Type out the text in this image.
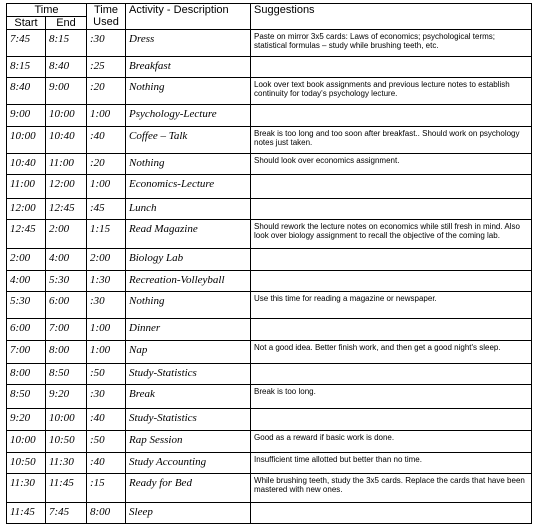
Time		Time Used	Activity - Description	Suggestions
Start	End			
7:45	8:15	:30	Dress	Paste on mirror 3x5 cards: Laws of economics; psychological terms; statistical formulas – study while brushing teeth, etc.
8:15	8:40	:25	Breakfast	
8:40	9:00	:20	Nothing	Look over text book assignments and previous lecture notes to establish continuity for today's psychology lecture.
9:00	10:00	1:00	Psychology-Lecture	
10:00	10:40	:40	Coffee – Talk	Break is too long and too soon after breakfast.. Should work on psychology notes just taken.
10:40	11:00	:20	Nothing	Should look over economics assignment.
11:00	12:00	1:00	Economics-Lecture	
12:00	12:45	:45	Lunch	
12:45	2:00	1:15	Read Magazine	Should rework the lecture notes on economics while still fresh in mind. Also look over biology assignment to recall the objective of the coming lab.
2:00	4:00	2:00	Biology Lab	
4:00	5:30	1:30	Recreation-Volleyball	
5:30	6:00	:30	Nothing	Use this time for reading a magazine or newspaper.
6:00	7:00	1:00	Dinner	
7:00	8:00	1:00	Nap	Not a good idea. Better finish work, and then get a good night's sleep.
8:00	8:50	:50	Study-Statistics	
8:50	9:20	:30	Break	Break is too long.
9:20	10:00	:40	Study-Statistics	
10:00	10:50	:50	Rap Session	Good as a reward if basic work is done.
10:50	11:30	:40	Study Accounting	Insufficient time allotted but better than no time.
11:30	11:45	:15	Ready for Bed	While brushing teeth, study the 3x5 cards. Replace the cards that have been mastered with new ones.
11:45	7:45	8:00	Sleep	
